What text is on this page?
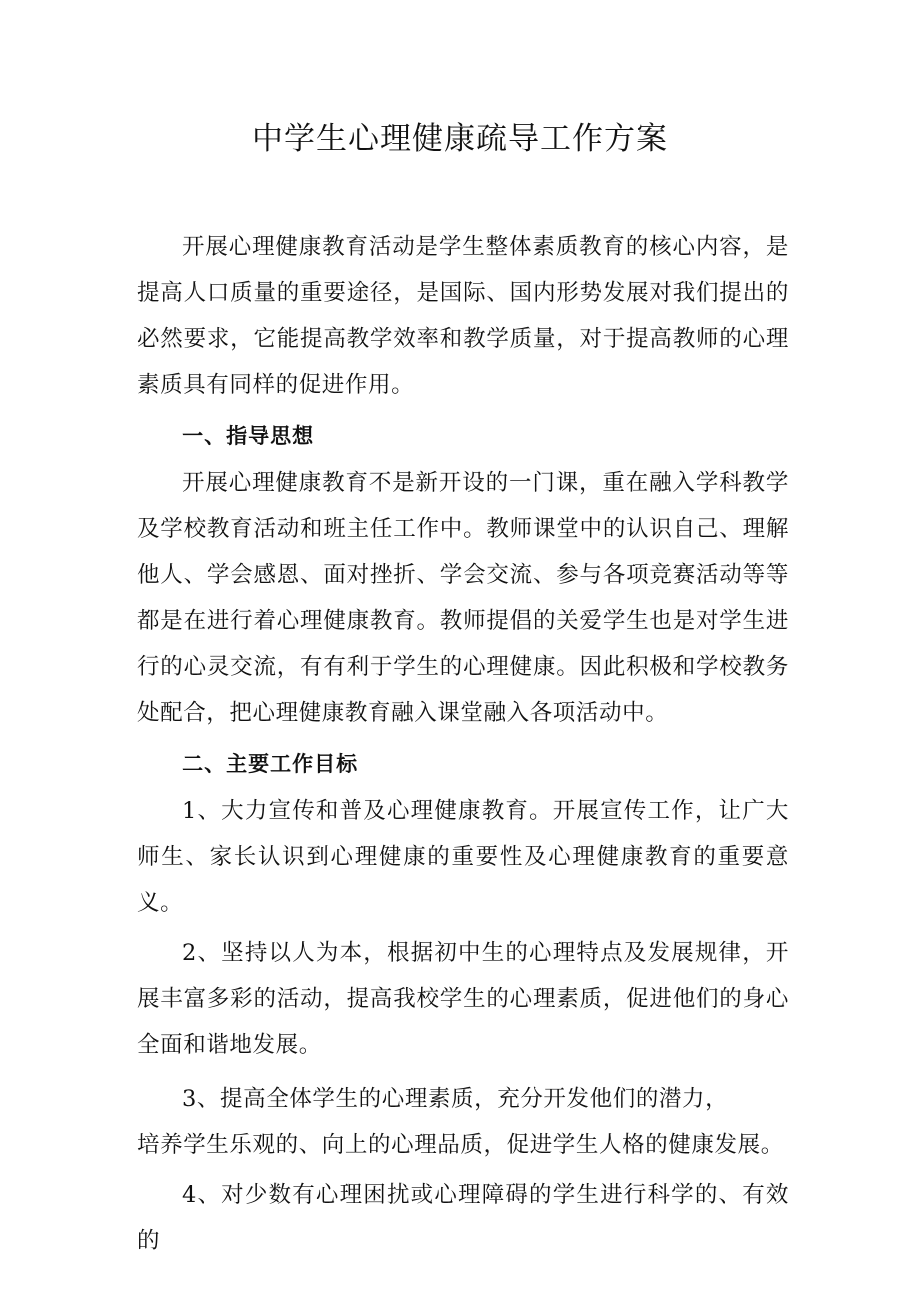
中学生心理健康疏导工作方案

开展心理健康教育活动是学生整体素质教育的核心内容，是提高人口质量的重要途径，是国际、国内形势发展对我们提出的必然要求，它能提高教学效率和教学质量，对于提高教师的心理素质具有同样的促进作用。

一、指导思想

开展心理健康教育不是新开设的一门课，重在融入学科教学及学校教育活动和班主任工作中。教师课堂中的认识自己、理解他人、学会感恩、面对挫折、学会交流、参与各项竞赛活动等等都是在进行着心理健康教育。教师提倡的关爱学生也是对学生进行的心灵交流，有有利于学生的心理健康。因此积极和学校教务处配合，把心理健康教育融入课堂融入各项活动中。

二、主要工作目标

1、大力宣传和普及心理健康教育。开展宣传工作，让广大师生、家长认识到心理健康的重要性及心理健康教育的重要意义。

2、坚持以人为本，根据初中生的心理特点及发展规律，开展丰富多彩的活动，提高我校学生的心理素质，促进他们的身心全面和谐地发展。

3、提高全体学生的心理素质，充分开发他们的潜力，

培养学生乐观的、向上的心理品质，促进学生人格的健康发展。

4、对少数有心理困扰或心理障碍的学生进行科学的、有效的
